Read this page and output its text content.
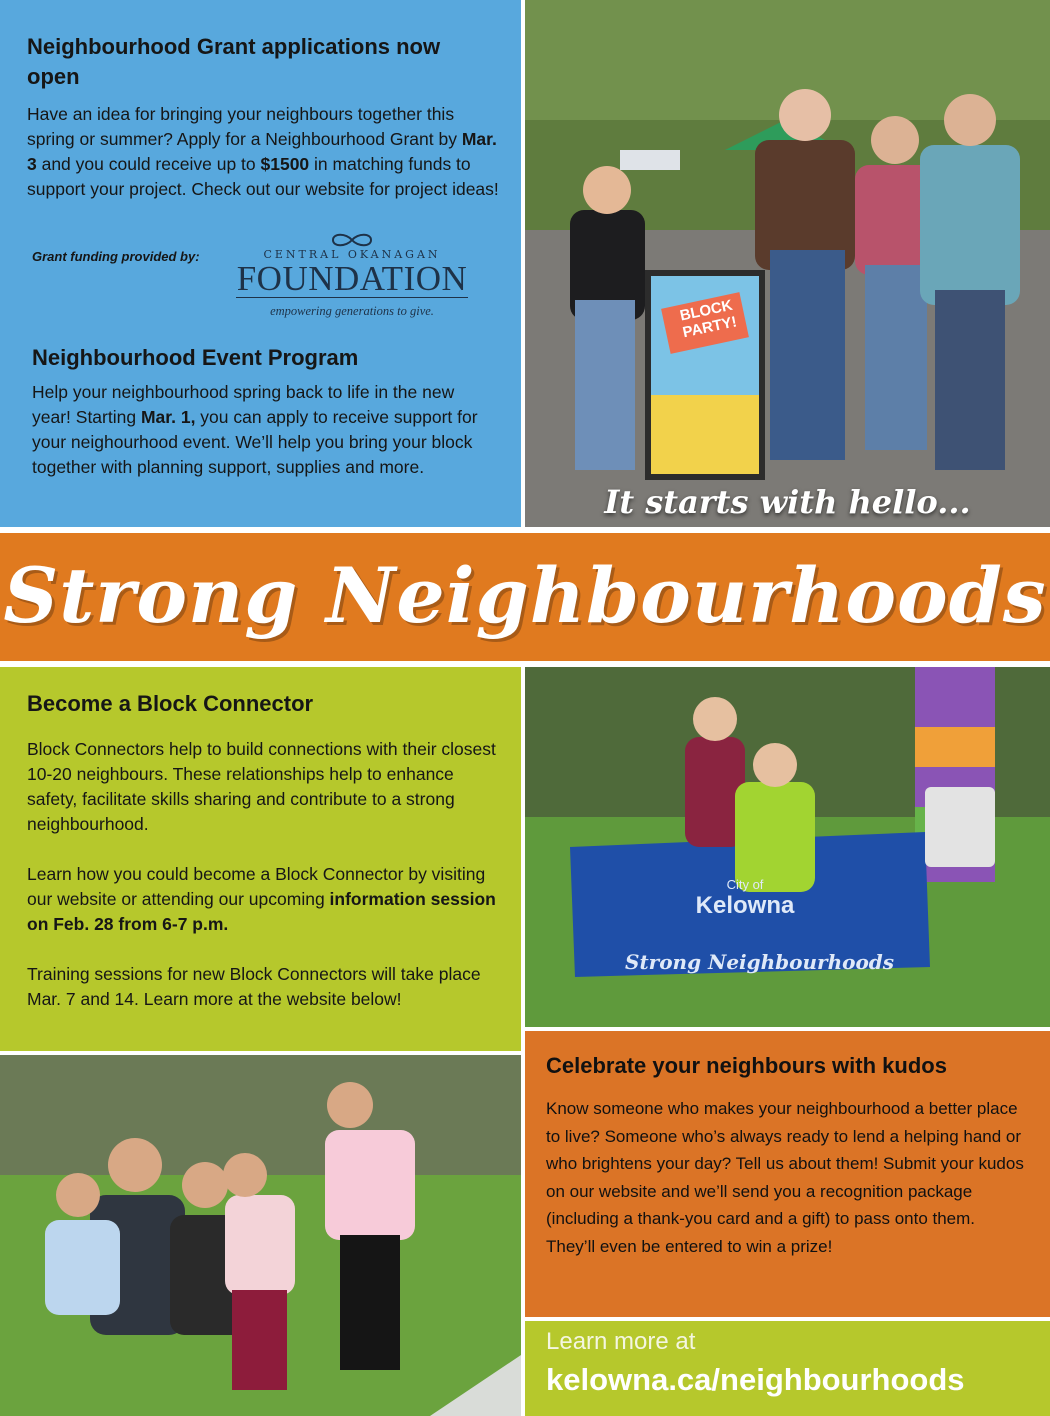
Neighbourhood Grant applications now open

Have an idea for bringing your neighbours together this spring or summer? Apply for a Neighbourhood Grant by Mar. 3 and you could receive up to $1500 in matching funds to support your project. Check out our website for project ideas!

Grant funding provided by:	CENTRAL OKANAGAN
FOUNDATION
empowering generations to give.
Neighbourhood Event Program

Help your neighbourhood spring back to life in the new year! Starting Mar. 1, you can apply to receive support for your neighourhood event. We’ll help you bring your block together with planning support, supplies and more.

BLOCK PARTY!
It starts with hello...
Strong Neighbourhoods
Become a Block Connector

Block Connectors help to build connections with their closest 10-20 neighbours. These relationships help to enhance safety, facilitate skills sharing and contribute to a strong neighbourhood.

Learn how you could become a Block Connector by visiting our website or attending our upcoming information session on Feb. 28 from 6-7 p.m.

Training sessions for new Block Connectors will take place Mar. 7 and 14. Learn more at the website below!

City of
Kelowna
Strong Neighbourhoods
Celebrate your neighbours with kudos

Know someone who makes your neighbourhood a better place to live? Someone who’s always ready to lend a helping hand or who brightens your day? Tell us about them! Submit your kudos on our website and we’ll send you a recognition package (including a thank-you card and a gift) to pass onto them. They’ll even be entered to win a prize!

Learn more at
kelowna.ca/neighbourhoods
